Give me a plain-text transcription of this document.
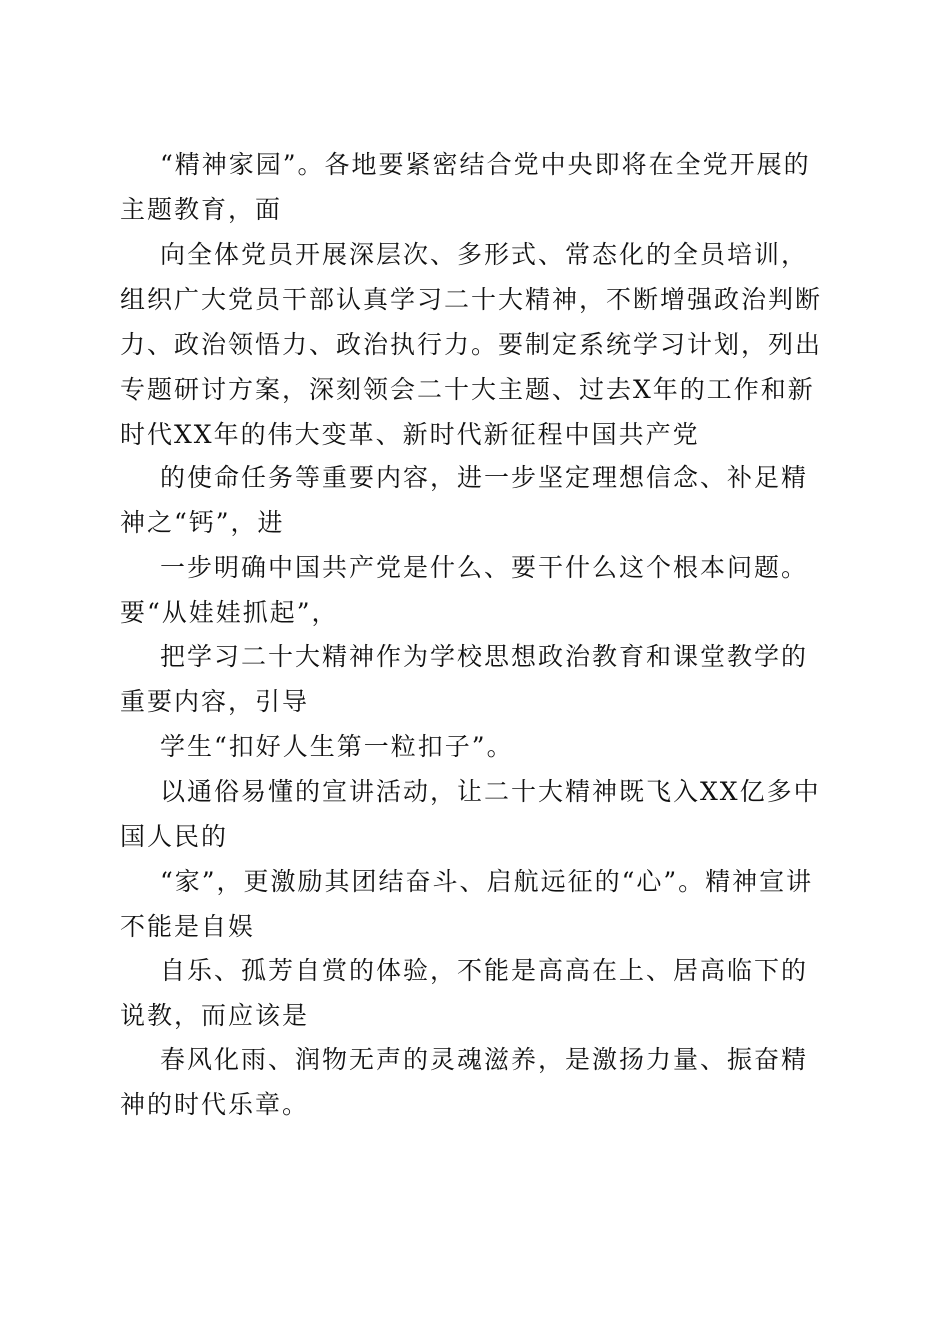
“精神家园”。各地要紧密结合党中央即将在全党开展的主题教育，面

向全体党员开展深层次、多形式、常态化的全员培训，组织广大党员干部认真学习二十大精神，不断增强政治判断力、政治领悟力、政治执行力。要制定系统学习计划，列出专题研讨方案，深刻领会二十大主题、过去X年的工作和新时代XX年的伟大变革、新时代新征程中国共产党

的使命任务等重要内容，进一步坚定理想信念、补足精神之“钙”，进

一步明确中国共产党是什么、要干什么这个根本问题。要“从娃娃抓起”，

把学习二十大精神作为学校思想政治教育和课堂教学的重要内容，引导

学生“扣好人生第一粒扣子”。

以通俗易懂的宣讲活动，让二十大精神既飞入XX亿多中国人民的

“家”，更激励其团结奋斗、启航远征的“心”。精神宣讲不能是自娱

自乐、孤芳自赏的体验，不能是高高在上、居高临下的说教，而应该是

春风化雨、润物无声的灵魂滋养，是激扬力量、振奋精神的时代乐章。
